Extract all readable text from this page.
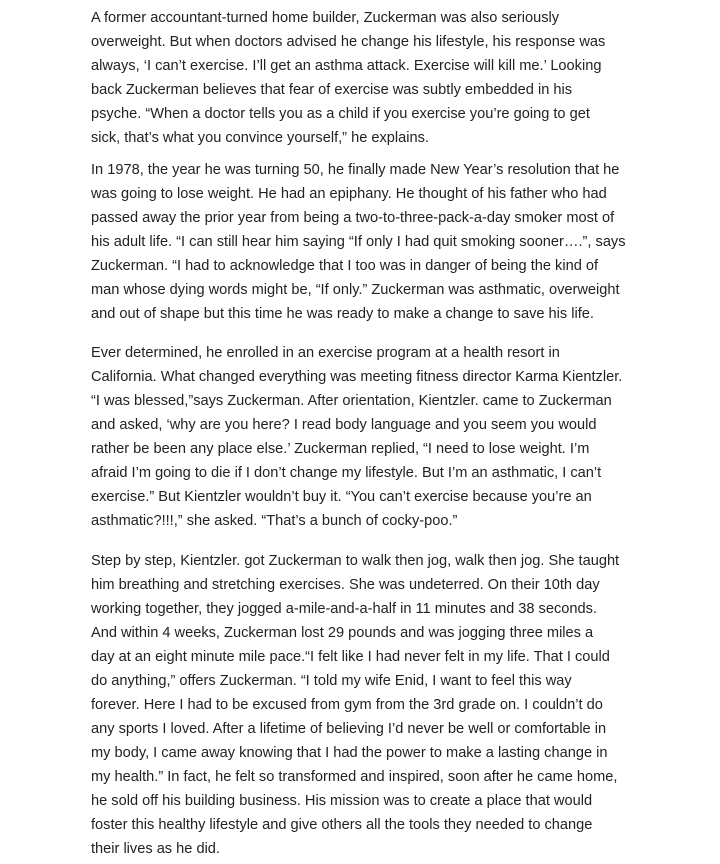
A former accountant-turned home builder, Zuckerman was also seriously
overweight. But when doctors advised he change his lifestyle, his response was
always, ‘I can’t exercise. I’ll get an asthma attack. Exercise will kill me.’ Looking
back Zuckerman believes that fear of exercise was subtly embedded in his
psyche. “When a doctor tells you as a child if you exercise you’re going to get
sick, that’s what you convince yourself,” he explains.
In 1978, the year he was turning 50, he finally made New Year’s resolution that he
was going to lose weight. He had an epiphany. He thought of his father who had
passed away the prior year from being a two-to-three-pack-a-day smoker most of
his adult life. “I can still hear him saying “If only I had quit smoking sooner….”, says
Zuckerman. “I had to acknowledge that I too was in danger of being the kind of
man whose dying words might be, “If only.” Zuckerman was asthmatic, overweight
and out of shape but this time he was ready to make a change to save his life.
Ever determined, he enrolled in an exercise program at a health resort in
California. What changed everything was meeting fitness director Karma Kientzler.
“I was blessed,”says Zuckerman. After orientation, Kientzler. came to Zuckerman
and asked, ‘why are you here? I read body language and you seem you would
rather be been any place else.’ Zuckerman replied, “I need to lose weight. I’m
afraid I’m going to die if I don’t change my lifestyle. But I’m an asthmatic, I can’t
exercise.” But Kientzler wouldn’t buy it. “You can’t exercise because you’re an
asthmatic?!!!,” she asked. “That’s a bunch of cocky-poo.”
Step by step, Kientzler. got Zuckerman to walk then jog, walk then jog. She taught
him breathing and stretching exercises. She was undeterred. On their 10th day
working together, they jogged a-mile-and-a-half in 11 minutes and 38 seconds.
And within 4 weeks, Zuckerman lost 29 pounds and was jogging three miles a
day at an eight minute mile pace.“I felt like I had never felt in my life. That I could
do anything,” offers Zuckerman. “I told my wife Enid, I want to feel this way
forever. Here I had to be excused from gym from the 3rd grade on. I couldn’t do
any sports I loved. After a lifetime of believing I’d never be well or comfortable in
my body, I came away knowing that I had the power to make a lasting change in
my health.” In fact, he felt so transformed and inspired, soon after he came home,
he sold off his building business. His mission was to create a place that would
foster this healthy lifestyle and give others all the tools they needed to change
their lives as he did.
